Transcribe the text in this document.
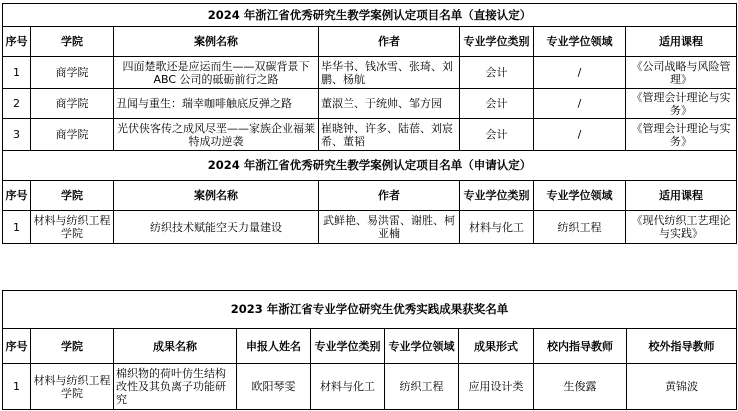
2024 年浙江省优秀研究生教学案例认定项目名单（直接认定）						
序号	学院	案例名称	作者	专业学位类别	专业学位领域	适用课程
1	商学院	四面楚歌还是应运而生——双碳背景下 ABC 公司的砥砺前行之路	毕华书、钱冰雪、张琦、刘鹏、杨航	会计	/	《公司战略与风险管理》
2	商学院	丑闻与重生：瑞幸咖啡触底反弹之路	董淑兰、于统帅、邹方园	会计	/	《管理会计理论与实务》
3	商学院	光伏侠客传之成风尽垩——家族企业福莱特成功逆袭	崔晓钟、许多、陆蓓、刘宸希、董韬	会计	/	《管理会计理论与实务》
2024 年浙江省优秀研究生教学案例认定项目名单（申请认定）						
序号	学院	案例名称	作者	专业学位类别	专业学位领域	适用课程
1	材料与纺织工程学院	纺织技术赋能空天力量建设	武鲜艳、易洪雷、谢胜、柯亚楠	材料与化工	纺织工程	《现代纺织工艺理论与实践》
2023 年浙江省专业学位研究生优秀实践成果获奖名单								
序号	学院	成果名称	申报人姓名	专业学位类别	专业学位领域	成果形式	校内指导教师	校外指导教师
1	材料与纺织工程学院	棉织物的荷叶仿生结构改性及其负离子功能研究	欧阳琴雯	材料与化工	纺织工程	应用设计类	生俊露	黄锦波
